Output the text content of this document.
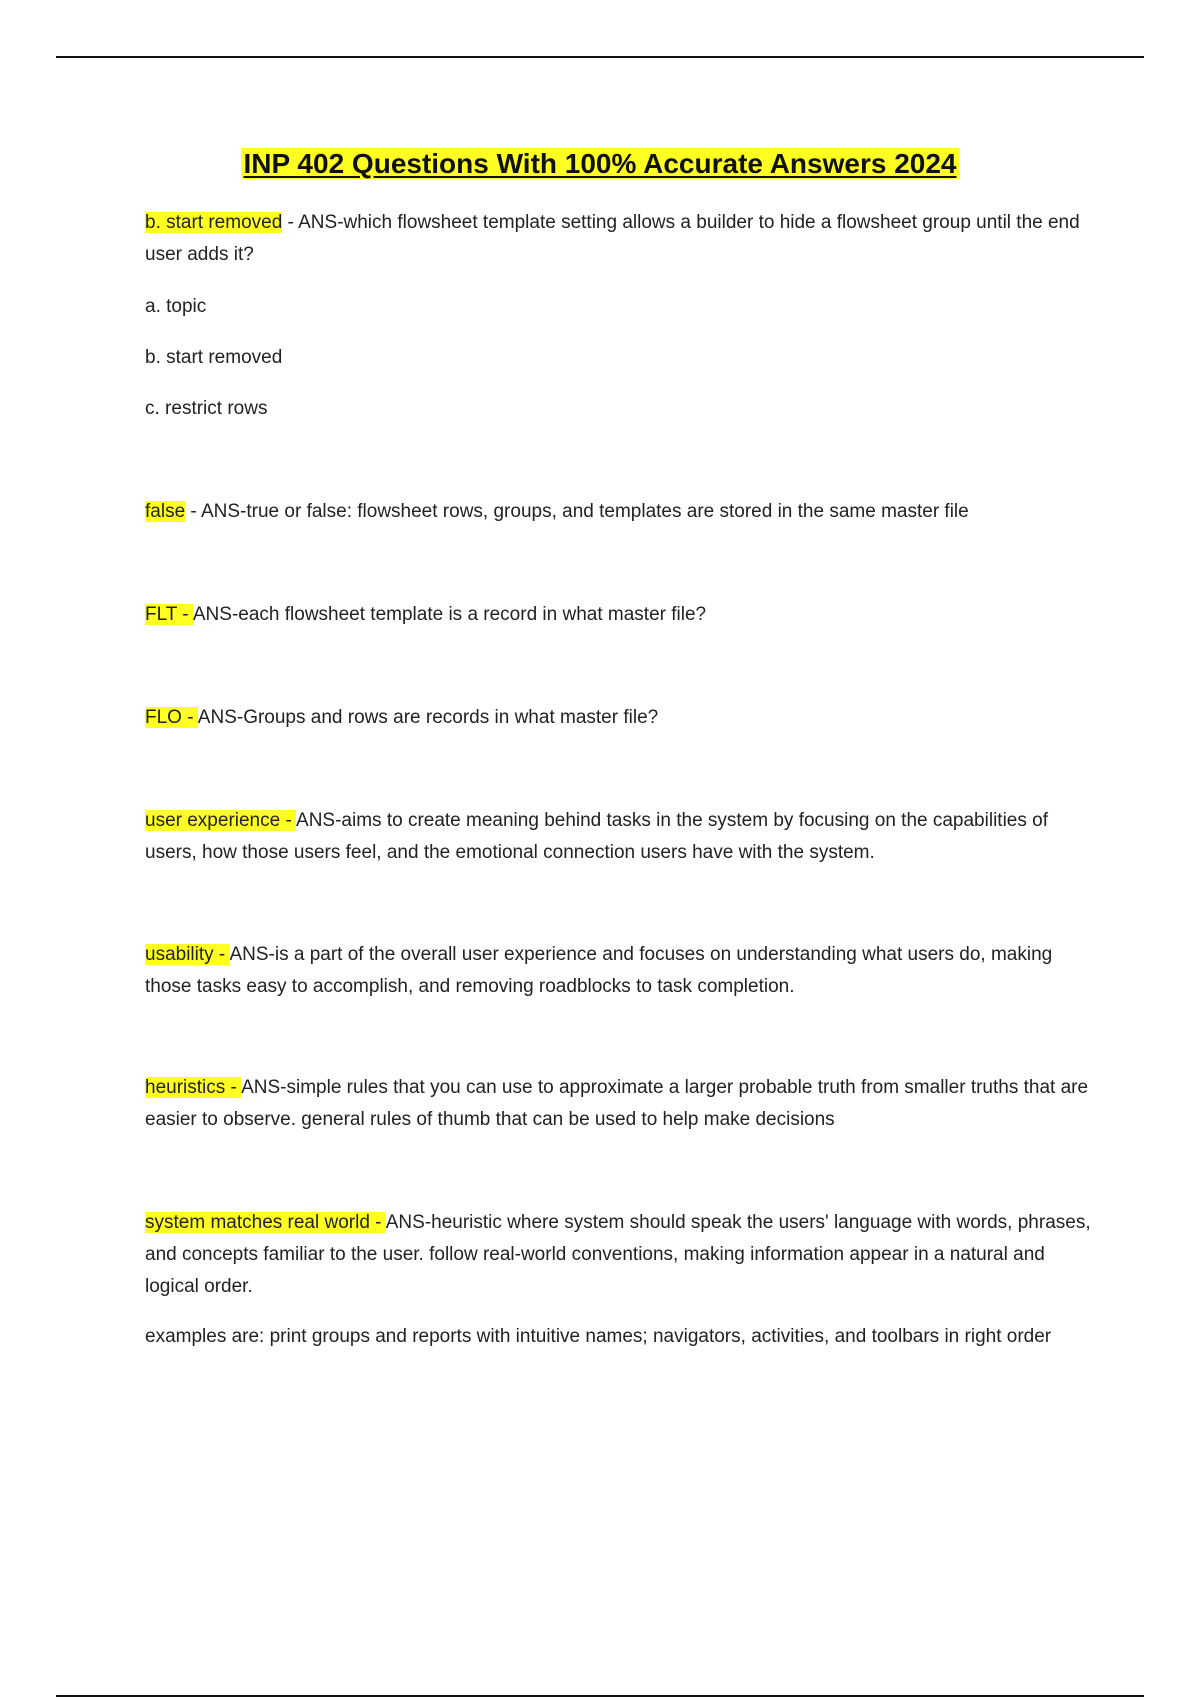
INP 402 Questions With 100% Accurate Answers 2024

b. start removed - ANS-which flowsheet template setting allows a builder to hide a flowsheet group until the end user adds it?

a. topic

b. start removed

c. restrict rows

false - ANS-true or false: flowsheet rows, groups, and templates are stored in the same master file

FLT - ANS-each flowsheet template is a record in what master file?

FLO - ANS-Groups and rows are records in what master file?

user experience - ANS-aims to create meaning behind tasks in the system by focusing on the capabilities of users, how those users feel, and the emotional connection users have with the system.

usability - ANS-is a part of the overall user experience and focuses on understanding what users do, making those tasks easy to accomplish, and removing roadblocks to task completion.

heuristics - ANS-simple rules that you can use to approximate a larger probable truth from smaller truths that are easier to observe. general rules of thumb that can be used to help make decisions

system matches real world - ANS-heuristic where system should speak the users' language with words, phrases, and concepts familiar to the user. follow real-world conventions, making information appear in a natural and logical order.

examples are: print groups and reports with intuitive names; navigators, activities, and toolbars in right order
